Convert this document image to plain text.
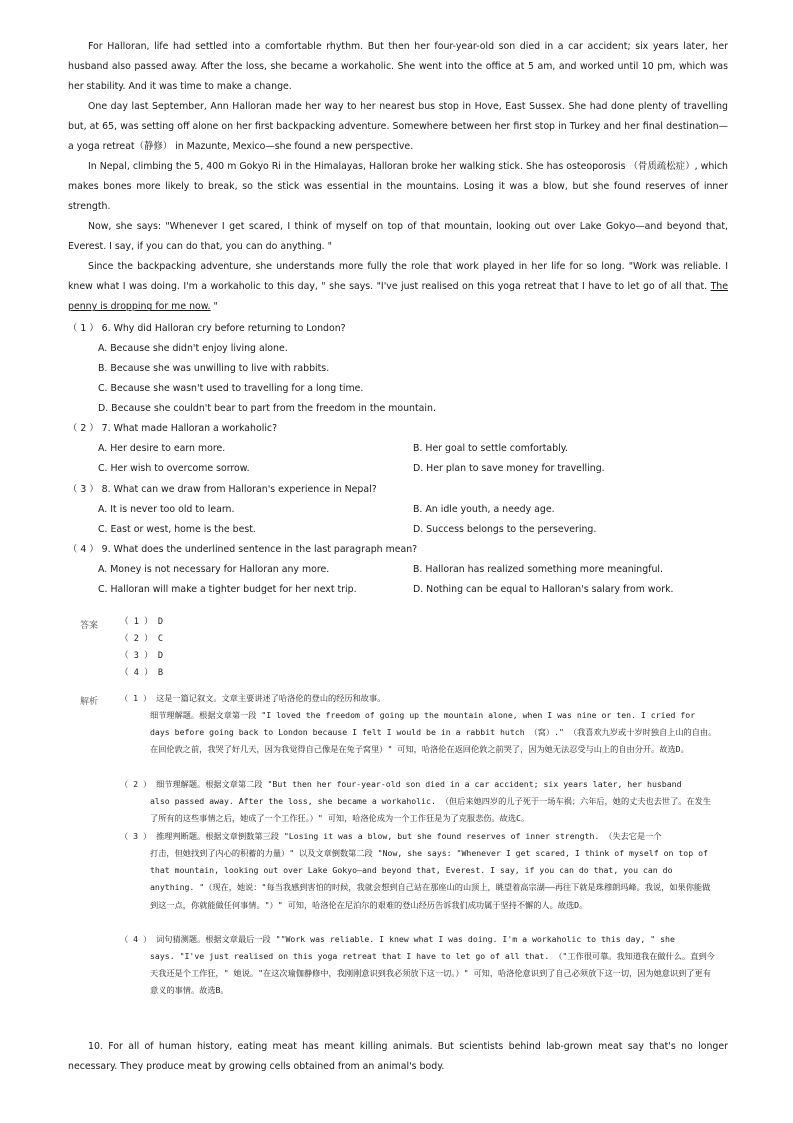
For Halloran, life had settled into a comfortable rhythm. But then her four-year-old son died in a car accident; six years later, her husband also passed away. After the loss, she became a workaholic. She went into the office at 5 am, and worked until 10 pm, which was her stability. And it was time to make a change.

One day last September, Ann Halloran made her way to her nearest bus stop in Hove, East Sussex. She had done plenty of travelling but, at 65, was setting off alone on her first backpacking adventure. Somewhere between her first stop in Turkey and her final destination—a yoga retreat（静修） in Mazunte, Mexico—she found a new perspective.

In Nepal, climbing the 5, 400 m Gokyo Ri in the Himalayas, Halloran broke her walking stick. She has osteoporosis （骨质疏松症）, which makes bones more likely to break, so the stick was essential in the mountains. Losing it was a blow, but she found reserves of inner strength.

Now, she says: "Whenever I get scared, I think of myself on top of that mountain, looking out over Lake Gokyo—and beyond that, Everest. I say, if you can do that, you can do anything. "

Since the backpacking adventure, she understands more fully the role that work played in her life for so long. "Work was reliable. I knew what I was doing. I'm a workaholic to this day, " she says. "I've just realised on this yoga retreat that I have to let go of all that. The penny is dropping for me now. "

（ 1 ） 6. Why did Halloran cry before returning to London?
A. Because she didn't enjoy living alone.
B. Because she was unwilling to live with rabbits.
C. Because she wasn't used to travelling for a long time.
D. Because she couldn't bear to part from the freedom in the mountain.
（ 2 ） 7. What made Halloran a workaholic?
A. Her desire to earn more.	B. Her goal to settle comfortably.
C. Her wish to overcome sorrow.	D. Her plan to save money for travelling.
（ 3 ） 8. What can we draw from Halloran's experience in Nepal?
A. It is never too old to learn.	B. An idle youth, a needy age.
C. East or west, home is the best.	D. Success belongs to the persevering.
（ 4 ） 9. What does the underlined sentence in the last paragraph mean?
A. Money is not necessary for Halloran any more.	B. Halloran has realized something more meaningful.
C. Halloran will make a tighter budget for her next trip.	D. Nothing can be equal to Halloran's salary from work.
答案	（ 1 ） D
（ 2 ） C
（ 3 ） D
（ 4 ） B
解析	（ 1 ） 这是一篇记叙文。文章主要讲述了哈洛伦的登山的经历和故事。

细节理解题。根据文章第一段 "I loved the freedom of going up the mountain alone, when I was nine or ten. I cried for days before going back to London because I felt I would be in a rabbit hutch （窝）." （我喜欢九岁或十岁时独自上山的自由。在回伦敦之前，我哭了好几天，因为我觉得自己像是在兔子窝里）" 可知，哈洛伦在返回伦敦之前哭了，因为她无法忍受与山上的自由分开。故选D。

（ 2 ） 细节理解题。根据文章第二段 "But then her four-year-old son died in a car accident; six years later, her husband

also passed away. After the loss, she became a workaholic. （但后来她四岁的儿子死于一场车祸；六年后，她的丈夫也去世了。在发生了所有的这些事情之后，她成了一个工作狂。）" 可知，哈洛伦成为一个工作狂是为了克服悲伤。故选C。

（ 3 ） 推理判断题。根据文章倒数第三段 "Losing it was a blow, but she found reserves of inner strength. （失去它是一个

打击，但她找到了内心的积蓄的力量）" 以及文章倒数第二段 "Now, she says: "Whenever I get scared, I think of myself on top of that mountain, looking out over Lake Gokyo—and beyond that, Everest. I say, if you can do that, you can do anything. "（现在，她说："每当我感到害怕的时候，我就会想到自己站在那座山的山顶上，眺望着高宗湖——再往下就是珠穆朗玛峰。我说，如果你能做到这一点，你就能做任何事情。"）" 可知，哈洛伦在尼泊尔的艰难的登山经历告诉我们成功属于坚持不懈的人。故选D。

（ 4 ） 词句猜测题。根据文章最后一段 ""Work was reliable. I knew what I was doing. I'm a workaholic to this day, " she

says. "I've just realised on this yoga retreat that I have to let go of all that. （"工作很可靠。我知道我在做什么。直到今天我还是个工作狂，" 她说。"在这次瑜伽静修中，我刚刚意识到我必须放下这一切。）" 可知，哈洛伦意识到了自己必须放下这一切，因为她意识到了更有意义的事情。故选B。

10. For all of human history, eating meat has meant killing animals. But scientists behind lab-grown meat say that's no longer necessary. They produce meat by growing cells obtained from an animal's body.
